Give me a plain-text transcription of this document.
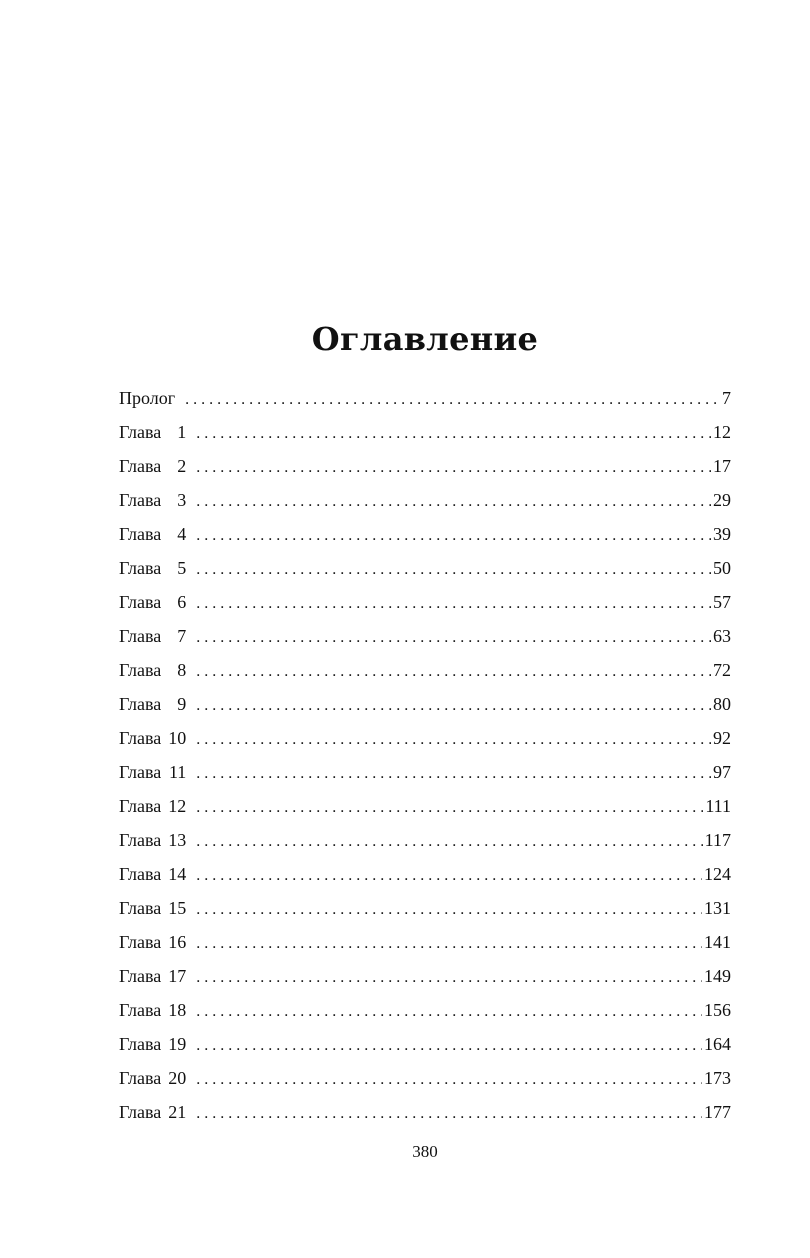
Оглавление
Пролог . . .	7
Глава 1 . . .	12
Глава 2 . . .	17
Глава 3 . . .	29
Глава 4 . . .	39
Глава 5 . . .	50
Глава 6 . . .	57
Глава 7 . . .	63
Глава 8 . . .	72
Глава 9 . . .	80
Глава 10 . . .	92
Глава 11 . . .	97
Глава 12 . . .	111
Глава 13 . . .	117
Глава 14 . . .	124
Глава 15 . . .	131
Глава 16 . . .	141
Глава 17 . . .	149
Глава 18 . . .	156
Глава 19 . . .	164
Глава 20 . . .	173
Глава 21 . . .	177
380
